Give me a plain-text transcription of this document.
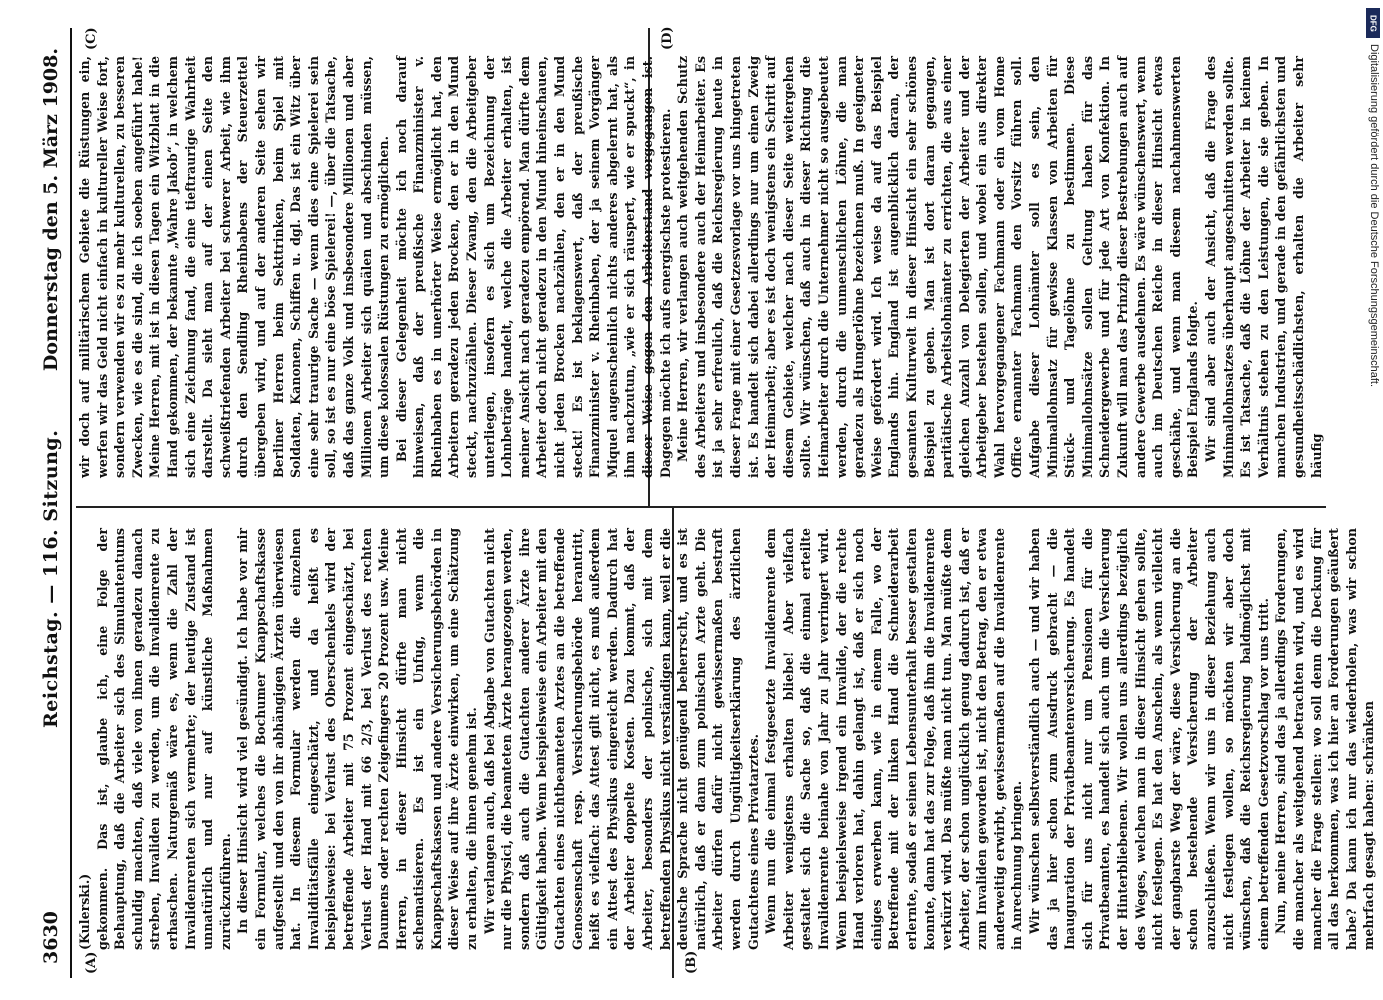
3630
Reichstag. — 116. Sitzung.
Donnerstag den 5. März 1908.
(A)	(B)
(C)	(D)

(Kulerski.) gekommen. Das ist, glaube ich, eine Folge der Behauptung, daß die Arbeiter sich des Simulantentums schuldig machten, daß viele von ihnen geradezu danach streben, Invaliden zu werden, um die Invalidenrente zu erhaschen. Naturgemäß wäre es, wenn die Zahl der Invalidenrenten sich vermehrte; der heutige Zustand ist unnatürlich und nur auf künstliche Maßnahmen zurückzuführen. In dieser Hinsicht wird viel gesündigt. Ich habe vor mir ein Formular, welches die Bochumer Knappschaftskasse aufgestellt und den von ihr abhängigen Ärzten überwiesen hat. In diesem Formular werden die einzelnen Invaliditätsfälle eingeschätzt, und da heißt es beispielsweise: bei Verlust des Oberschenkels wird der betreffende Arbeiter mit 75 Prozent eingeschätzt, bei Verlust der Hand mit 66 2/3, bei Verlust des rechten Daumens oder rechten Zeigefingers 20 Prozent usw. Meine Herren, in dieser Hinsicht dürfte man nicht schematisieren. Es ist ein Unfug, wenn die Knappschaftskassen und andere Versicherungsbehörden in dieser Weise auf ihre Ärzte einwirken, um eine Schätzung zu erhalten, die ihnen genehm ist. Wir verlangen auch, daß bei Abgabe von Gutachten nicht nur die Physici, die beamteten Ärzte herangezogen werden, sondern daß auch die Gutachten anderer Ärzte ihre Gültigkeit haben. Wenn beispielsweise ein Arbeiter mit den Gutachten eines nichtbeamteten Arztes an die betreffende Genossenschaft resp. Versicherungsbehörde herantritt, heißt es vielfach: das Attest gilt nicht, es muß außerdem ein Attest des Physikus eingereicht werden. Dadurch hat der Arbeiter doppelte Kosten. Dazu kommt, daß der Arbeiter, besonders der polnische, sich mit dem betreffenden Physikus nicht verständigen kann, weil er die deutsche Sprache nicht genügend beherrscht, und es ist natürlich, daß er dann zum polnischen Arzte geht. Die Arbeiter dürfen dafür nicht gewissermaßen bestraft werden durch Ungültigkeitserklärung des ärztlichen Gutachtens eines Privatarztes. Wenn nun die einmal festgesetzte Invalidenrente dem Arbeiter wenigstens erhalten bliebe! Aber vielfach gestaltet sich die Sache so, daß die einmal erteilte Invalidenrente beinahe von Jahr zu Jahr verringert wird. Wenn beispielsweise irgend ein Invalide, der die rechte Hand verloren hat, dahin gelangt ist, daß er sich noch einiges erwerben kann, wie in einem Falle, wo der Betreffende mit der linken Hand die Schneiderarbeit erlernte, sodaß er seinen Lebensunterhalt besser gestalten konnte, dann hat das zur Folge, daß ihm die Invalidenrente verkürzt wird. Das müßte man nicht tun. Man müßte dem Arbeiter, der schon unglücklich genug dadurch ist, daß er zum Invaliden geworden ist, nicht den Betrag, den er etwa anderweitig erwirbt, gewissermaßen auf die Invalidenrente in Anrechnung bringen. Wir wünschen selbstverständlich auch — und wir haben das ja hier schon zum Ausdruck gebracht — die Inauguration der Privatbeamtenversicherung. Es handelt sich für uns nicht nur um Pensionen für die Privatbeamten, es handelt sich auch um die Versicherung der Hinterbliebenen. Wir wollen uns allerdings bezüglich des Weges, welchen man in dieser Hinsicht gehen sollte, nicht festlegen. Es hat den Anschein, als wenn vielleicht der gangbarste Weg der wäre, diese Versicherung an die schon bestehende Versicherung der Arbeiter anzuschließen. Wenn wir uns in dieser Beziehung auch nicht festlegen wollen, so möchten wir aber doch wünschen, daß die Reichsregierung baldmöglichst mit einem betreffenden Gesetzvorschlag vor uns tritt. Nun, meine Herren, sind das ja allerdings Forderungen, die mancher als weitgehend betrachten wird, und es wird mancher die Frage stellen: wo soll denn die Deckung für all das herkommen, was ich hier an Forderungen geäußert habe? Da kann ich nur das wiederholen, was wir schon mehrfach gesagt haben: schränken

wir doch auf militärischem Gebiete die Rüstungen ein, werfen wir das Geld nicht einfach in kultureller Weise fort, sondern verwenden wir es zu mehr kulturellen, zu besseren Zwecken, wie es die sind, die ich soeben angeführt habe! Meine Herren, mit ist in diesen Tagen ein Witzblatt in die Hand gekommen, der bekannte „Wahre Jakob“, in welchem sich eine Zeichnung fand, die eine tieftraurige Wahrheit darstellt. Da sieht man auf der einen Seite den schweißtriefenden Arbeiter bei schwerer Arbeit, wie ihm durch den Sendling Rheinbabens der Steuerzettel übergeben wird, und auf der anderen Seite sehen wir Berliner Herren beim Sekttrinken, beim Spiel mit Soldaten, Kanonen, Schiffen u. dgl. Das ist ein Witz über eine sehr traurige Sache — wenn dies eine Spielerei sein soll, so ist es nur eine böse Spielerei! —, über die Tatsache, daß das ganze Volk und insbesondere Millionen und aber Millionen Arbeiter sich quälen und abschinden müssen, um diese kolossalen Rüstungen zu ermöglichen. Bei dieser Gelegenheit möchte ich noch darauf hinweisen, daß der preußische Finanzminister v. Rheinbaben es in unerhörter Weise ermöglicht hat, den Arbeitern geradezu jeden Brocken, den er in den Mund steckt, nachzuzählen. Dieser Zwang, den die Arbeitgeber unterliegen, insofern es sich um Bezeichnung der Lohnbeträge handelt, welche die Arbeiter erhalten, ist meiner Ansicht nach geradezu empörend. Man dürfte dem Arbeiter doch nicht geradezu in den Mund hineinschauen, nicht jeden Brocken nachzählen, den er in den Mund steckt! Es ist beklagenswert, daß der preußische Finanzminister v. Rheinbaben, der ja seinem Vorgänger Miquel augenscheinlich nichts anderes abgelernt hat, als ihm nachzutun, „wie er sich räuspert, wie er spuckt“, in dieser Weise gegen den Arbeiterstand vorgegangen ist. Dagegen möchte ich aufs energischste protestieren. Meine Herren, wir verlangen auch weitgehenden Schutz des Arbeiters und insbesondere auch der Heimarbeiter. Es ist ja sehr erfreulich, daß die Reichsregierung heute in dieser Frage mit einer Gesetzesvorlage vor uns hingetreten ist. Es handelt sich dabei allerdings nur um einen Zweig der Heimarbeit; aber es ist doch wenigstens ein Schritt auf diesem Gebiete, welcher nach dieser Seite weitergehen sollte. Wir wünschen, daß auch in dieser Richtung die Heimarbeiter durch die Unternehmer nicht so ausgebeutet werden, durch die unmenschlichen Löhne, die man geradezu als Hungerlöhne bezeichnen muß. In geeigneter Weise gefördert wird. Ich weise da auf das Beispiel Englands hin. England ist augenblicklich daran, der gesamten Kulturwelt in dieser Hinsicht ein sehr schönes Beispiel zu geben. Man ist dort daran gegangen, paritätische Arbeitslohnämter zu errichten, die aus einer gleichen Anzahl von Delegierten der Arbeiter und der Arbeitgeber bestehen sollen, und wobei ein aus direkter Wahl hervorgegangener Fachmann oder ein vom Home Office ernannter Fachmann den Vorsitz führen soll. Aufgabe dieser Lohnämter soll es sein, den Minimallohnsatz für gewisse Klassen von Arbeiten für Stück- und Tagelöhne zu bestimmen. Diese Minimallohnsätze sollen Geltung haben für das Schneidergewerbe und für jede Art von Konfektion. In Zukunft will man das Prinzip dieser Bestrebungen auch auf andere Gewerbe ausdehnen. Es wäre wünschenswert, wenn auch im Deutschen Reiche in dieser Hinsicht etwas geschähe, und wenn man diesem nachahmenswerten Beispiel Englands folgte. Wir sind aber auch der Ansicht, daß die Frage des Minimallohnsatzes überhaupt angeschnitten werden sollte. Es ist Tatsache, daß die Löhne der Arbeiter in keinem Verhältnis stehen zu den Leistungen, die sie geben. In manchen Industrien, und gerade in den gefährlichsten und gesundheitsschädlichsten, erhalten die Arbeiter sehr häufig

DFG
Digitalisierung gefördert durch die Deutsche Forschungsgemeinschaft.
